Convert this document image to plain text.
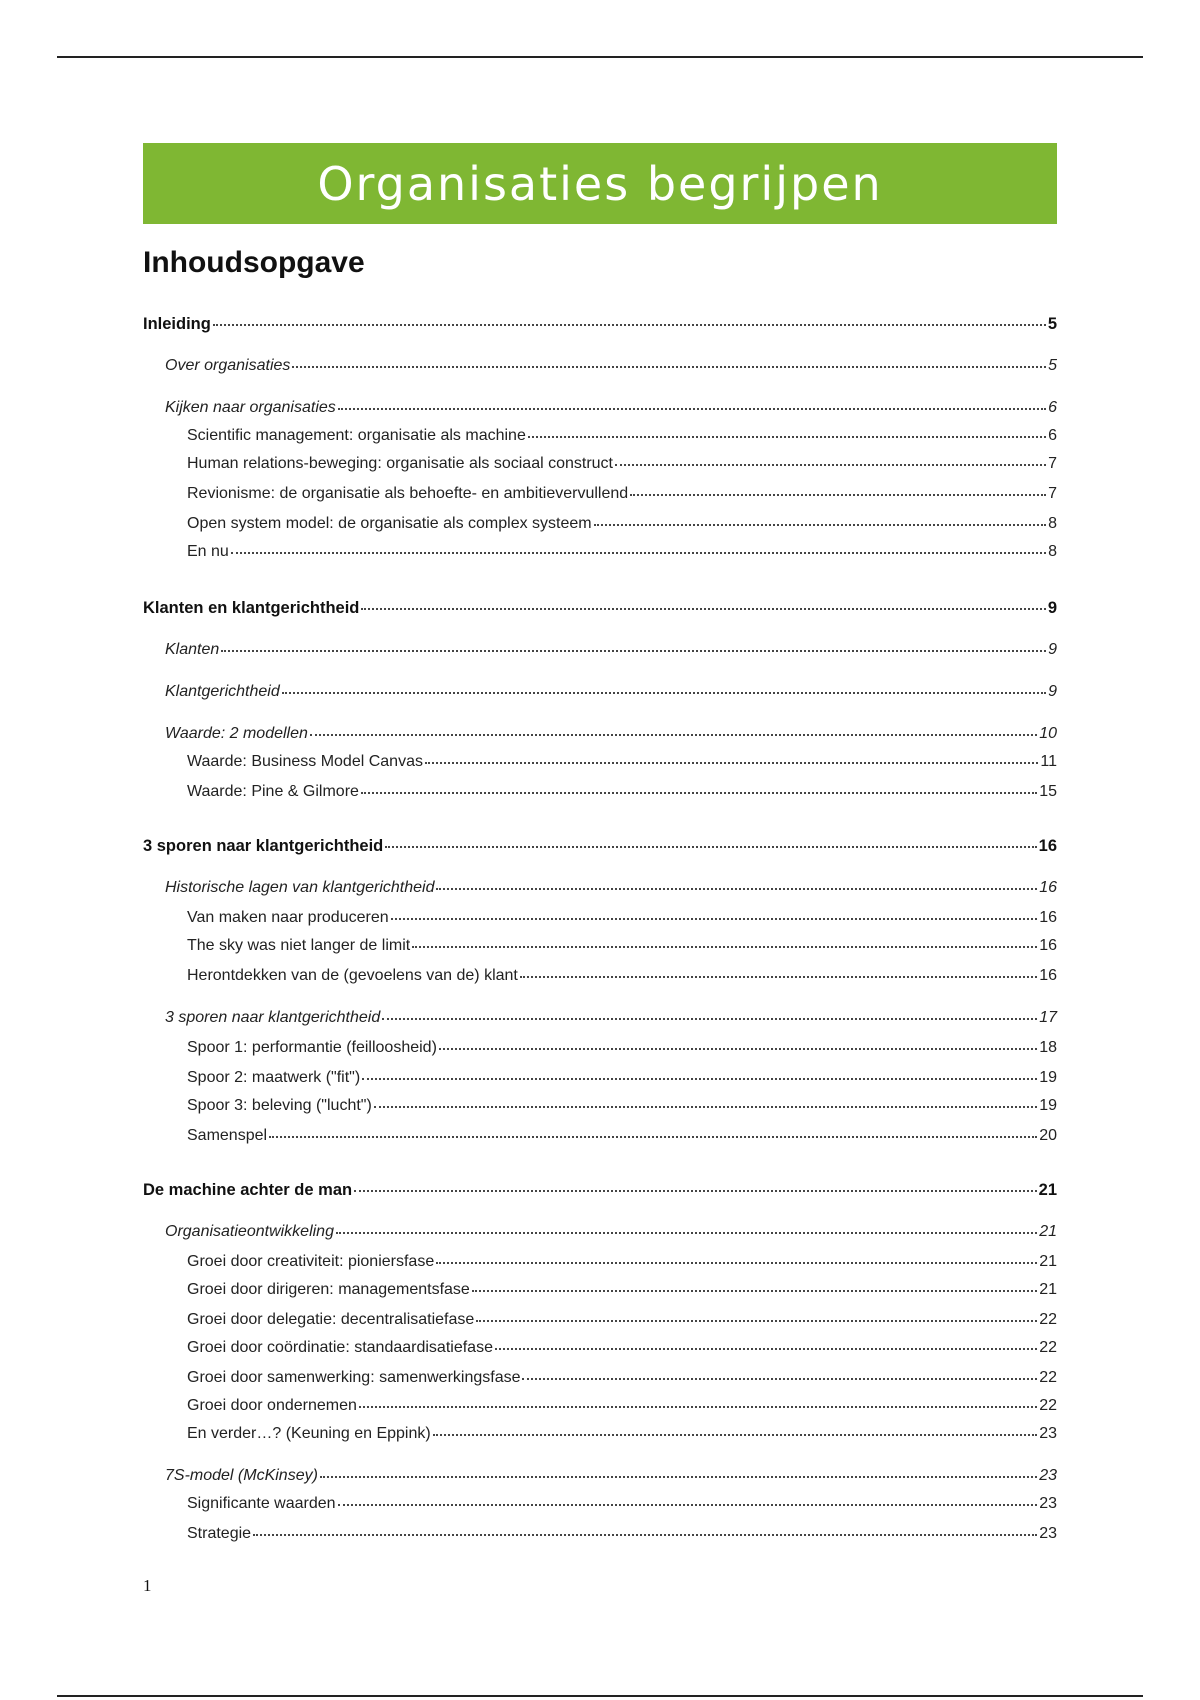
Organisaties begrijpen
Inhoudsopgave
Inleiding	5
Over organisaties	5
Kijken naar organisaties	6
Scientific management: organisatie als machine	6
Human relations-beweging: organisatie als sociaal construct	7
Revionisme: de organisatie als behoefte- en ambitievervullend	7
Open system model: de organisatie als complex systeem	8
En nu	8
Klanten en klantgerichtheid	9
Klanten	9
Klantgerichtheid	9
Waarde: 2 modellen	10
Waarde: Business Model Canvas	11
Waarde: Pine & Gilmore	15
3 sporen naar klantgerichtheid	16
Historische lagen van klantgerichtheid	16
Van maken naar produceren	16
The sky was niet langer de limit	16
Herontdekken van de (gevoelens van de) klant	16
3 sporen naar klantgerichtheid	17
Spoor 1: performantie (feilloosheid)	18
Spoor 2: maatwerk ("fit")	19
Spoor 3: beleving ("lucht")	19
Samenspel	20
De machine achter de man	21
Organisatieontwikkeling	21
Groei door creativiteit: pioniersfase	21
Groei door dirigeren: managementsfase	21
Groei door delegatie: decentralisatiefase	22
Groei door coördinatie: standaardisatiefase	22
Groei door samenwerking: samenwerkingsfase	22
Groei door ondernemen	22
En verder…? (Keuning en Eppink)	23
7S-model (McKinsey)	23
Significante waarden	23
Strategie	23
1
